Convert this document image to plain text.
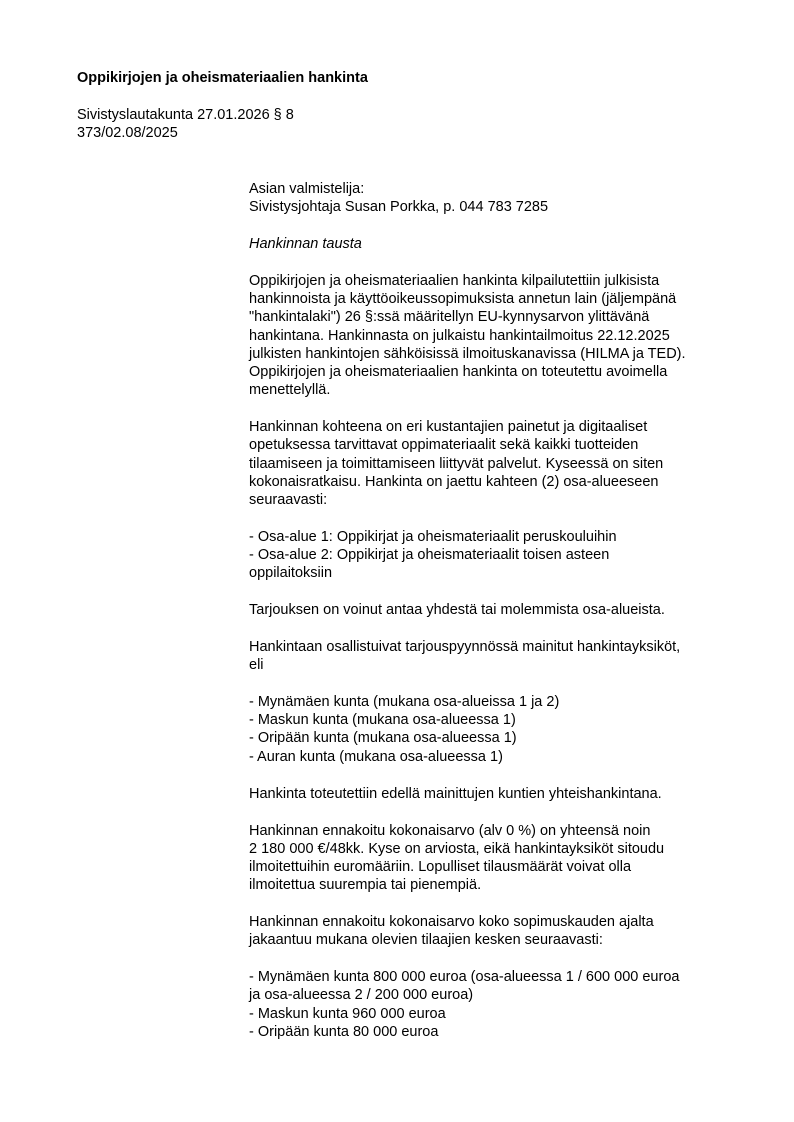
Oppikirjojen ja oheismateriaalien hankinta
Sivistyslautakunta 27.01.2026 § 8
373/02.08/2025
Asian valmistelija:
Sivistysjohtaja Susan Porkka, p. 044 783 7285
Hankinnan tausta
Oppikirjojen ja oheismateriaalien hankinta kilpailutettiin julkisista
hankinnoista ja käyttöoikeussopimuksista annetun lain (jäljempänä
"hankintalaki") 26 §:ssä määritellyn EU-kynnysarvon ylittävänä
hankintana. Hankinnasta on julkaistu hankintailmoitus 22.12.2025
julkisten hankintojen sähköisissä ilmoituskanavissa (HILMA ja TED).
Oppikirjojen ja oheismateriaalien hankinta on toteutettu avoimella
menettelyllä.
Hankinnan kohteena on eri kustantajien painetut ja digitaaliset
opetuksessa tarvittavat oppimateriaalit sekä kaikki tuotteiden
tilaamiseen ja toimittamiseen liittyvät palvelut. Kyseessä on siten
kokonaisratkaisu. Hankinta on jaettu kahteen (2) osa-alueeseen
seuraavasti:
- Osa-alue 1: Oppikirjat ja oheismateriaalit peruskouluihin
- Osa-alue 2: Oppikirjat ja oheismateriaalit toisen asteen
oppilaitoksiin
Tarjouksen on voinut antaa yhdestä tai molemmista osa-alueista.
Hankintaan osallistuivat tarjouspyynnössä mainitut hankintayksiköt,
eli
- Mynämäen kunta (mukana osa-alueissa 1 ja 2)
- Maskun kunta (mukana osa-alueessa 1)
- Oripään kunta (mukana osa-alueessa 1)
- Auran kunta (mukana osa-alueessa 1)
Hankinta toteutettiin edellä mainittujen kuntien yhteishankintana.
Hankinnan ennakoitu kokonaisarvo (alv 0 %) on yhteensä noin
2 180 000 €/48kk. Kyse on arviosta, eikä hankintayksiköt sitoudu
ilmoitettuihin euromääriin. Lopulliset tilausmäärät voivat olla
ilmoitettua suurempia tai pienempiä.
Hankinnan ennakoitu kokonaisarvo koko sopimuskauden ajalta
jakaantuu mukana olevien tilaajien kesken seuraavasti:
- Mynämäen kunta 800 000 euroa (osa-alueessa 1 / 600 000 euroa
ja osa-alueessa 2 / 200 000 euroa)
- Maskun kunta 960 000 euroa
- Oripään kunta 80 000 euroa
